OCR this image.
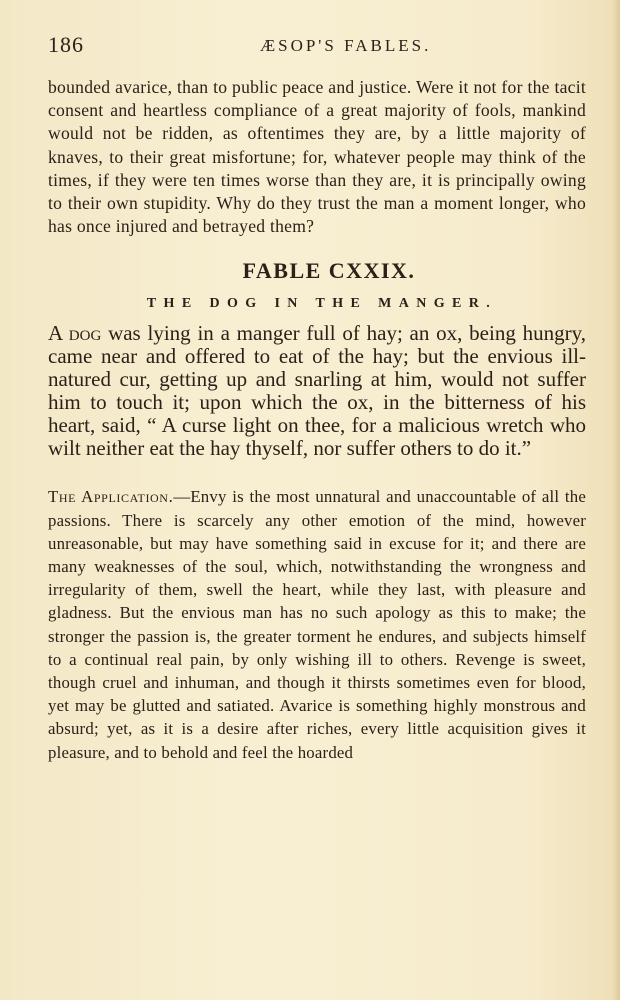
186	ÆSOP'S FABLES.

bounded avarice, than to public peace and justice. Were it not for the tacit consent and heartless compliance of a great majority of fools, mankind would not be ridden, as oftentimes they are, by a little majority of knaves, to their great misfortune; for, whatever people may think of the times, if they were ten times worse than they are, it is principally owing to their own stupidity. Why do they trust the man a moment longer, who has once injured and betrayed them?

FABLE CXXIX.
THE DOG IN THE MANGER.

A dog was lying in a manger full of hay; an ox, being hungry, came near and offered to eat of the hay; but the envious ill-natured cur, getting up and snarling at him, would not suffer him to touch it; upon which the ox, in the bitterness of his heart, said, “ A curse light on thee, for a malicious wretch who wilt neither eat the hay thyself, nor suffer others to do it.”

The Application.—Envy is the most unnatural and unaccountable of all the passions. There is scarcely any other emotion of the mind, however unreasonable, but may have something said in excuse for it; and there are many weaknesses of the soul, which, notwithstanding the wrongness and irregularity of them, swell the heart, while they last, with pleasure and gladness. But the envious man has no such apology as this to make; the stronger the passion is, the greater torment he endures, and subjects himself to a continual real pain, by only wishing ill to others. Revenge is sweet, though cruel and inhuman, and though it thirsts sometimes even for blood, yet may be glutted and satiated. Avarice is something highly monstrous and absurd; yet, as it is a desire after riches, every little acquisition gives it pleasure, and to behold and feel the hoarded
